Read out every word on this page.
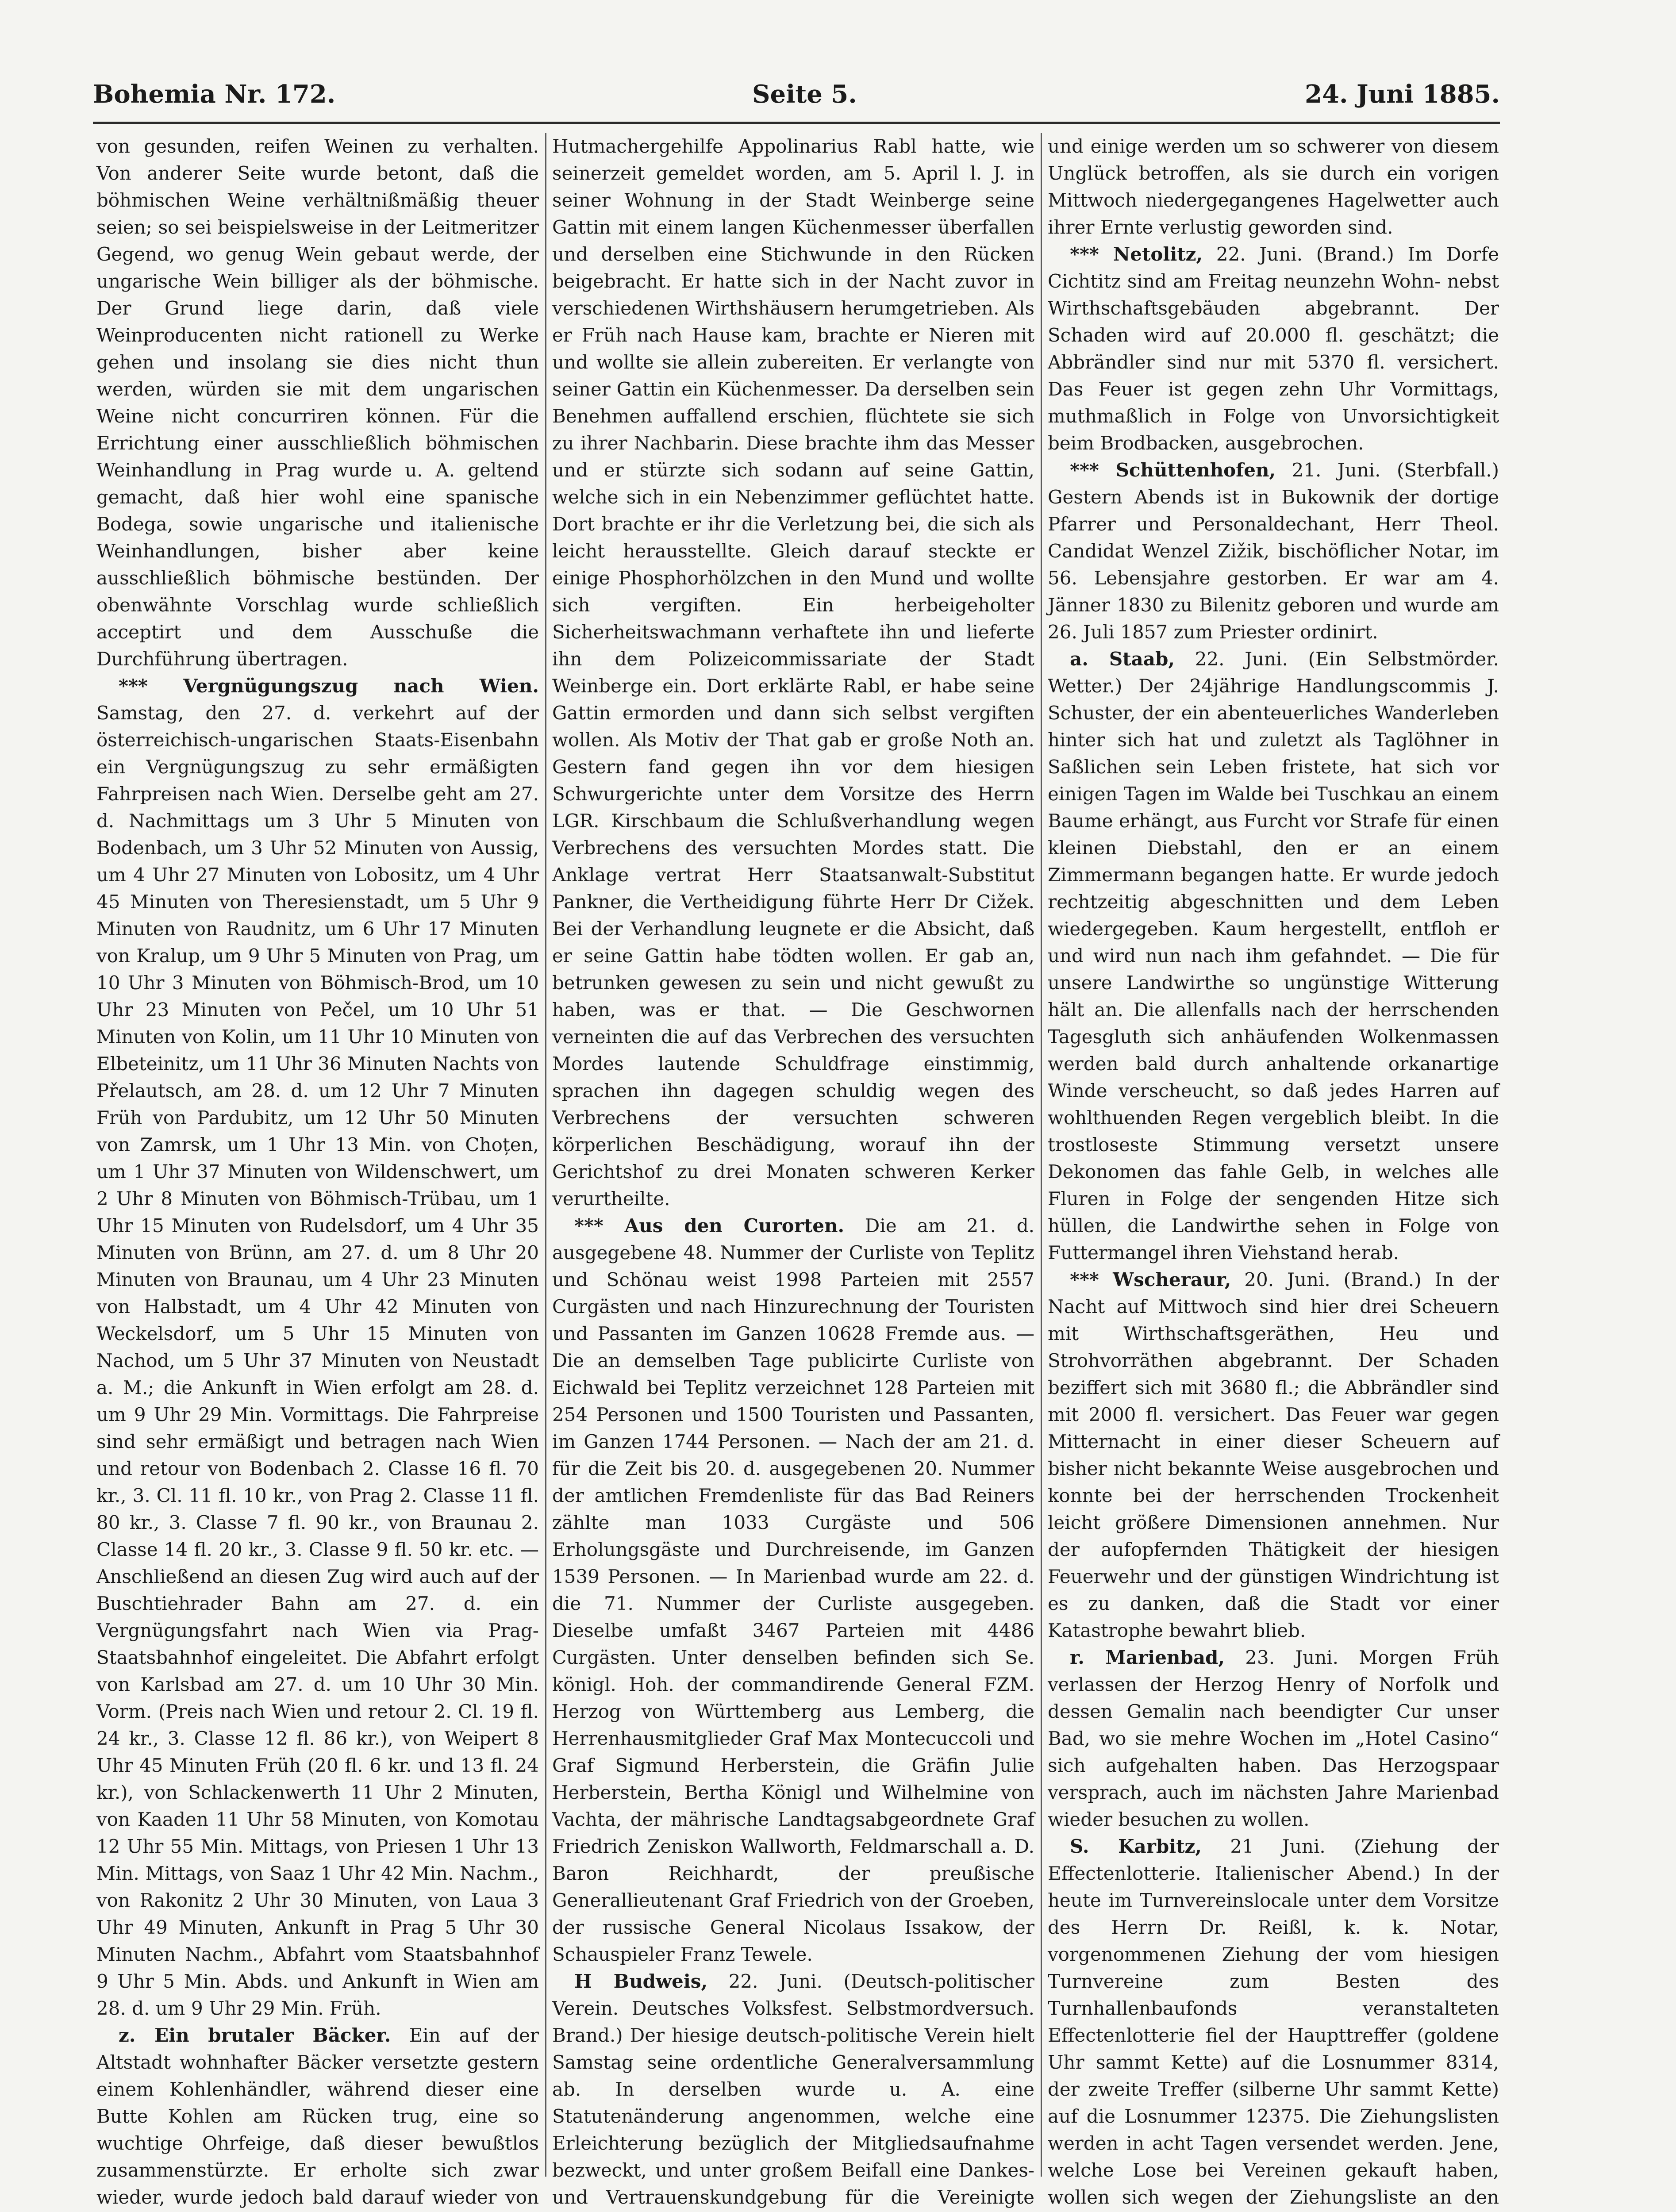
Bohemia Nr. 172.	Seite 5.	24. Juni 1885.

von gesunden, reifen Weinen zu verhalten. Von anderer Seite wurde betont, daß die böhmischen Weine verhältnißmäßig theuer seien; so sei beispielsweise in der Leitmeritzer Gegend, wo genug Wein gebaut werde, der ungarische Wein billiger als der böhmische. Der Grund liege darin, daß viele Weinproducenten nicht rationell zu Werke gehen und insolang sie dies nicht thun werden, würden sie mit dem ungarischen Weine nicht concurriren können. Für die Errichtung einer ausschließlich böhmischen Weinhandlung in Prag wurde u. A. geltend gemacht, daß hier wohl eine spanische Bodega, sowie ungarische und italienische Weinhandlungen, bisher aber keine ausschließlich böhmische bestünden. Der obenwähnte Vorschlag wurde schließlich acceptirt und dem Ausschuße die Durchführung übertragen.

*** Vergnügungszug nach Wien. Samstag, den 27. d. verkehrt auf der österreichisch-ungarischen Staats-Eisenbahn ein Vergnügungszug zu sehr ermäßigten Fahrpreisen nach Wien. Derselbe geht am 27. d. Nachmittags um 3 Uhr 5 Minuten von Bodenbach, um 3 Uhr 52 Minuten von Aussig, um 4 Uhr 27 Minuten von Lobositz, um 4 Uhr 45 Minuten von Theresienstadt, um 5 Uhr 9 Minuten von Raudnitz, um 6 Uhr 17 Minuten von Kralup, um 9 Uhr 5 Minuten von Prag, um 10 Uhr 3 Minuten von Böhmisch-Brod, um 10 Uhr 23 Minuten von Pečel, um 10 Uhr 51 Minuten von Kolin, um 11 Uhr 10 Minuten von Elbeteinitz, um 11 Uhr 36 Minuten Nachts von Přelautsch, am 28. d. um 12 Uhr 7 Minuten Früh von Pardubitz, um 12 Uhr 50 Minuten von Zamrsk, um 1 Uhr 13 Min. von Choțen, um 1 Uhr 37 Minuten von Wildenschwert, um 2 Uhr 8 Minuten von Böhmisch-Trübau, um 1 Uhr 15 Minuten von Rudelsdorf, um 4 Uhr 35 Minuten von Brünn, am 27. d. um 8 Uhr 20 Minuten von Braunau, um 4 Uhr 23 Minuten von Halbstadt, um 4 Uhr 42 Minuten von Weckelsdorf, um 5 Uhr 15 Minuten von Nachod, um 5 Uhr 37 Minuten von Neustadt a. M.; die Ankunft in Wien erfolgt am 28. d. um 9 Uhr 29 Min. Vormittags. Die Fahrpreise sind sehr ermäßigt und betragen nach Wien und retour von Bodenbach 2. Classe 16 fl. 70 kr., 3. Cl. 11 fl. 10 kr., von Prag 2. Classe 11 fl. 80 kr., 3. Classe 7 fl. 90 kr., von Braunau 2. Classe 14 fl. 20 kr., 3. Classe 9 fl. 50 kr. etc. — Anschließend an diesen Zug wird auch auf der Buschtiehrader Bahn am 27. d. ein Vergnügungsfahrt nach Wien via Prag-Staatsbahnhof eingeleitet. Die Abfahrt erfolgt von Karlsbad am 27. d. um 10 Uhr 30 Min. Vorm. (Preis nach Wien und retour 2. Cl. 19 fl. 24 kr., 3. Classe 12 fl. 86 kr.), von Weipert 8 Uhr 45 Minuten Früh (20 fl. 6 kr. und 13 fl. 24 kr.), von Schlackenwerth 11 Uhr 2 Minuten, von Kaaden 11 Uhr 58 Minuten, von Komotau 12 Uhr 55 Min. Mittags, von Priesen 1 Uhr 13 Min. Mittags, von Saaz 1 Uhr 42 Min. Nachm., von Rakonitz 2 Uhr 30 Minuten, von Laua 3 Uhr 49 Minuten, Ankunft in Prag 5 Uhr 30 Minuten Nachm., Abfahrt vom Staatsbahnhof 9 Uhr 5 Min. Abds. und Ankunft in Wien am 28. d. um 9 Uhr 29 Min. Früh.

z. Ein brutaler Bäcker. Ein auf der Altstadt wohnhafter Bäcker versetzte gestern einem Kohlenhändler, während dieser eine Butte Kohlen am Rücken trug, eine so wuchtige Ohrfeige, daß dieser bewußtlos zusammenstürzte. Er erholte sich zwar wieder, wurde jedoch bald darauf wieder von

Hutmachergehilfe Appolinarius Rabl hatte, wie seinerzeit gemeldet worden, am 5. April l. J. in seiner Wohnung in der Stadt Weinberge seine Gattin mit einem langen Küchenmesser überfallen und derselben eine Stichwunde in den Rücken beigebracht. Er hatte sich in der Nacht zuvor in verschiedenen Wirthshäusern herumgetrieben. Als er Früh nach Hause kam, brachte er Nieren mit und wollte sie allein zubereiten. Er verlangte von seiner Gattin ein Küchenmesser. Da derselben sein Benehmen auffallend erschien, flüchtete sie sich zu ihrer Nachbarin. Diese brachte ihm das Messer und er stürzte sich sodann auf seine Gattin, welche sich in ein Nebenzimmer geflüchtet hatte. Dort brachte er ihr die Verletzung bei, die sich als leicht herausstellte. Gleich darauf steckte er einige Phosphorhölzchen in den Mund und wollte sich vergiften. Ein herbeigeholter Sicherheitswachmann verhaftete ihn und lieferte ihn dem Polizeicommissariate der Stadt Weinberge ein. Dort erklärte Rabl, er habe seine Gattin ermorden und dann sich selbst vergiften wollen. Als Motiv der That gab er große Noth an. Gestern fand gegen ihn vor dem hiesigen Schwurgerichte unter dem Vorsitze des Herrn LGR. Kirschbaum die Schlußverhandlung wegen Verbrechens des versuchten Mordes statt. Die Anklage vertrat Herr Staatsanwalt-Substitut Pankner, die Vertheidigung führte Herr Dr Cižek. Bei der Verhandlung leugnete er die Absicht, daß er seine Gattin habe tödten wollen. Er gab an, betrunken gewesen zu sein und nicht gewußt zu haben, was er that. — Die Geschwornen verneinten die auf das Verbrechen des versuchten Mordes lautende Schuldfrage einstimmig, sprachen ihn dagegen schuldig wegen des Verbrechens der versuchten schweren körperlichen Beschädigung, worauf ihn der Gerichtshof zu drei Monaten schweren Kerker verurtheilte.

*** Aus den Curorten. Die am 21. d. ausgegebene 48. Nummer der Curliste von Teplitz und Schönau weist 1998 Parteien mit 2557 Curgästen und nach Hinzurechnung der Touristen und Passanten im Ganzen 10628 Fremde aus. — Die an demselben Tage publicirte Curliste von Eichwald bei Teplitz verzeichnet 128 Parteien mit 254 Personen und 1500 Touristen und Passanten, im Ganzen 1744 Personen. — Nach der am 21. d. für die Zeit bis 20. d. ausgegebenen 20. Nummer der amtlichen Fremdenliste für das Bad Reiners zählte man 1033 Curgäste und 506 Erholungsgäste und Durchreisende, im Ganzen 1539 Personen. — In Marienbad wurde am 22. d. die 71. Nummer der Curliste ausgegeben. Dieselbe umfaßt 3467 Parteien mit 4486 Curgästen. Unter denselben befinden sich Se. königl. Hoh. der commandirende General FZM. Herzog von Württemberg aus Lemberg, die Herrenhausmitglieder Graf Max Montecuccoli und Graf Sigmund Herberstein, die Gräfin Julie Herberstein, Bertha Königl und Wilhelmine von Vachta, der mährische Landtagsabgeordnete Graf Friedrich Zeniskon Wallworth, Feldmarschall a. D. Baron Reichhardt, der preußische Generallieutenant Graf Friedrich von der Groeben, der russische General Nicolaus Issakow, der Schauspieler Franz Tewele.

H Budweis, 22. Juni. (Deutsch-politischer Verein. Deutsches Volksfest. Selbstmordversuch. Brand.) Der hiesige deutsch-politische Verein hielt Samstag seine ordentliche Generalversammlung ab. In derselben wurde u. A. eine Statutenänderung angenommen, welche eine Erleichterung bezüglich der Mitgliedsaufnahme bezweckt, und unter großem Beifall eine Dankes- und Vertrauenskundgebung für die Vereinigte

und einige werden um so schwerer von diesem Unglück betroffen, als sie durch ein vorigen Mittwoch niedergegangenes Hagelwetter auch ihrer Ernte verlustig geworden sind.

*** Netolitz, 22. Juni. (Brand.) Im Dorfe Cichtitz sind am Freitag neunzehn Wohn- nebst Wirthschaftsgebäuden abgebrannt. Der Schaden wird auf 20.000 fl. geschätzt; die Abbrändler sind nur mit 5370 fl. versichert. Das Feuer ist gegen zehn Uhr Vormittags, muthmaßlich in Folge von Unvorsichtigkeit beim Brodbacken, ausgebrochen.

*** Schüttenhofen, 21. Juni. (Sterbfall.) Gestern Abends ist in Bukownik der dortige Pfarrer und Personaldechant, Herr Theol. Candidat Wenzel Zižik, bischöflicher Notar, im 56. Lebensjahre gestorben. Er war am 4. Jänner 1830 zu Bilenitz geboren und wurde am 26. Juli 1857 zum Priester ordinirt.

a. Staab, 22. Juni. (Ein Selbstmörder. Wetter.) Der 24jährige Handlungscommis J. Schuster, der ein abenteuerliches Wanderleben hinter sich hat und zuletzt als Taglöhner in Saßlichen sein Leben fristete, hat sich vor einigen Tagen im Walde bei Tuschkau an einem Baume erhängt, aus Furcht vor Strafe für einen kleinen Diebstahl, den er an einem Zimmermann begangen hatte. Er wurde jedoch rechtzeitig abgeschnitten und dem Leben wiedergegeben. Kaum hergestellt, entfloh er und wird nun nach ihm gefahndet. — Die für unsere Landwirthe so ungünstige Witterung hält an. Die allenfalls nach der herrschenden Tagesgluth sich anhäufenden Wolkenmassen werden bald durch anhaltende orkanartige Winde verscheucht, so daß jedes Harren auf wohlthuenden Regen vergeblich bleibt. In die trostloseste Stimmung versetzt unsere Dekonomen das fahle Gelb, in welches alle Fluren in Folge der sengenden Hitze sich hüllen, die Landwirthe sehen in Folge von Futtermangel ihren Viehstand herab.

*** Wscheraur, 20. Juni. (Brand.) In der Nacht auf Mittwoch sind hier drei Scheuern mit Wirthschaftsgeräthen, Heu und Strohvorräthen abgebrannt. Der Schaden beziffert sich mit 3680 fl.; die Abbrändler sind mit 2000 fl. versichert. Das Feuer war gegen Mitternacht in einer dieser Scheuern auf bisher nicht bekannte Weise ausgebrochen und konnte bei der herrschenden Trockenheit leicht größere Dimensionen annehmen. Nur der aufopfernden Thätigkeit der hiesigen Feuerwehr und der günstigen Windrichtung ist es zu danken, daß die Stadt vor einer Katastrophe bewahrt blieb.

r. Marienbad, 23. Juni. Morgen Früh verlassen der Herzog Henry of Norfolk und dessen Gemalin nach beendigter Cur unser Bad, wo sie mehre Wochen im „Hotel Casino“ sich aufgehalten haben. Das Herzogspaar versprach, auch im nächsten Jahre Marienbad wieder besuchen zu wollen.

S. Karbitz, 21 Juni. (Ziehung der Effectenlotterie. Italienischer Abend.) In der heute im Turnvereinslocale unter dem Vorsitze des Herrn Dr. Reißl, k. k. Notar, vorgenommenen Ziehung der vom hiesigen Turnvereine zum Besten des Turnhallenbaufonds veranstalteten Effectenlotterie fiel der Haupttreffer (goldene Uhr sammt Kette) auf die Losnummer 8314, der zweite Treffer (silberne Uhr sammt Kette) auf die Losnummer 12375. Die Ziehungslisten werden in acht Tagen versendet werden. Jene, welche Lose bei Vereinen gekauft haben, wollen sich wegen der Ziehungsliste an den
